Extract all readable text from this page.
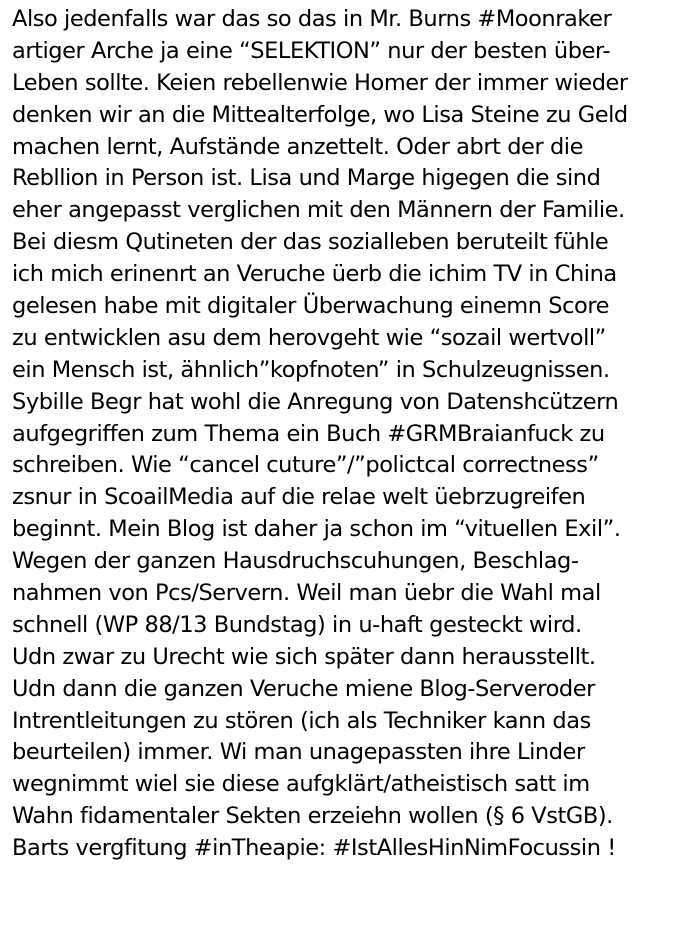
Also jedenfalls war das so das in Mr. Burns #Moonraker
artiger Arche ja eine “SELEKTION” nur der besten über-
Leben sollte. Keien rebellenwie Homer der immer wieder
denken wir an die Mittealterfolge, wo Lisa Steine zu Geld
machen lernt, Aufstände anzettelt. Oder abrt der die
Rebllion in Person ist. Lisa und Marge higegen die sind
eher angepasst verglichen mit den Männern der Familie.
Bei diesm Qutineten der das sozialleben beruteilt fühle
ich mich erinenrt an Veruche üerb die ichim TV in China
gelesen habe mit digitaler Überwachung einemn Score
zu entwicklen asu dem herovgeht wie “sozail wertvoll”
ein Mensch ist, ähnlich”kopfnoten” in Schulzeugnissen.
Sybille Begr hat wohl die Anregung von Datenshcützern
aufgegriffen zum Thema ein Buch #GRMBraianfuck zu
schreiben. Wie “cancel cuture”/”polictcal correctness”
zsnur in ScoailMedia auf die relae welt üebrzugreifen
beginnt. Mein Blog ist daher ja schon im “vituellen Exil”.
Wegen der ganzen Hausdruchscuhungen, Beschlag-
nahmen von Pcs/Servern. Weil man üebr die Wahl mal
schnell (WP 88/13 Bundstag) in u-haft gesteckt wird.
Udn zwar zu Urecht wie sich später dann herausstellt.
Udn dann die ganzen Veruche miene Blog-Serveroder
Intrentleitungen zu stören (ich als Techniker kann das
beurteilen) immer. Wi man unagepassten ihre Linder
wegnimmt wiel sie diese aufgklärt/atheistisch satt im
Wahn fidamentaler Sekten erzeiehn wollen (§ 6 VstGB).
Barts vergfitung #inTheapie: #IstAllesHinNimFocussin !
